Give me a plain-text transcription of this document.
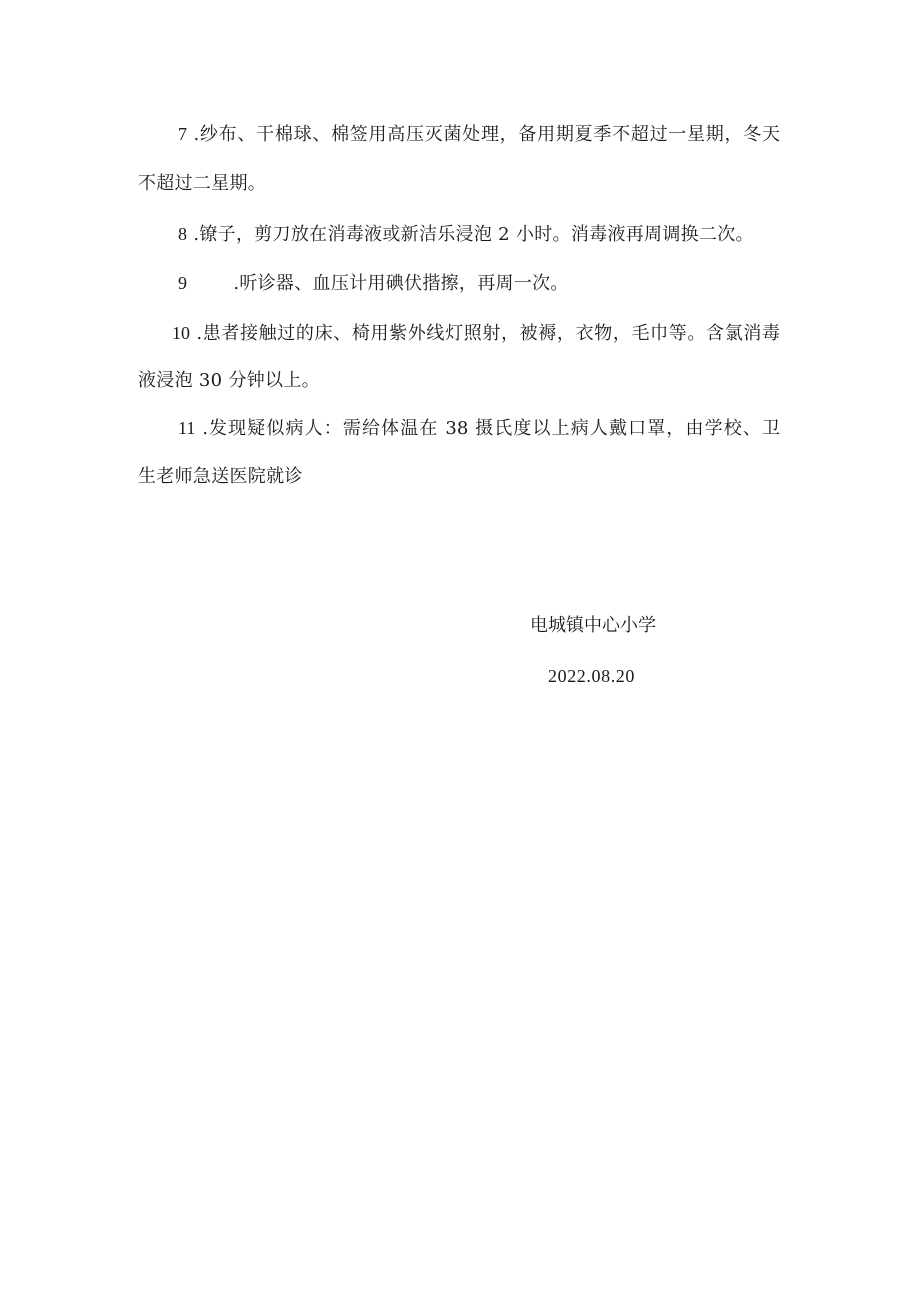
7 .纱布、干棉球、棉签用高压灭菌处理，备用期夏季不超过一星期，冬天
不超过二星期。
8 .镣子，剪刀放在消毒液或新洁乐浸泡 2 小时。消毒液再周调换二次。
9	.听诊器、血压计用碘伏揩擦，再周一次。
10 .患者接触过的床、椅用紫外线灯照射，被褥，衣物，毛巾等。含氯消毒
液浸泡 30 分钟以上。
11 .发现疑似病人：需给体温在 38 摄氏度以上病人戴口罩，由学校、卫
生老师急送医院就诊
电城镇中心小学
2022.08.20
